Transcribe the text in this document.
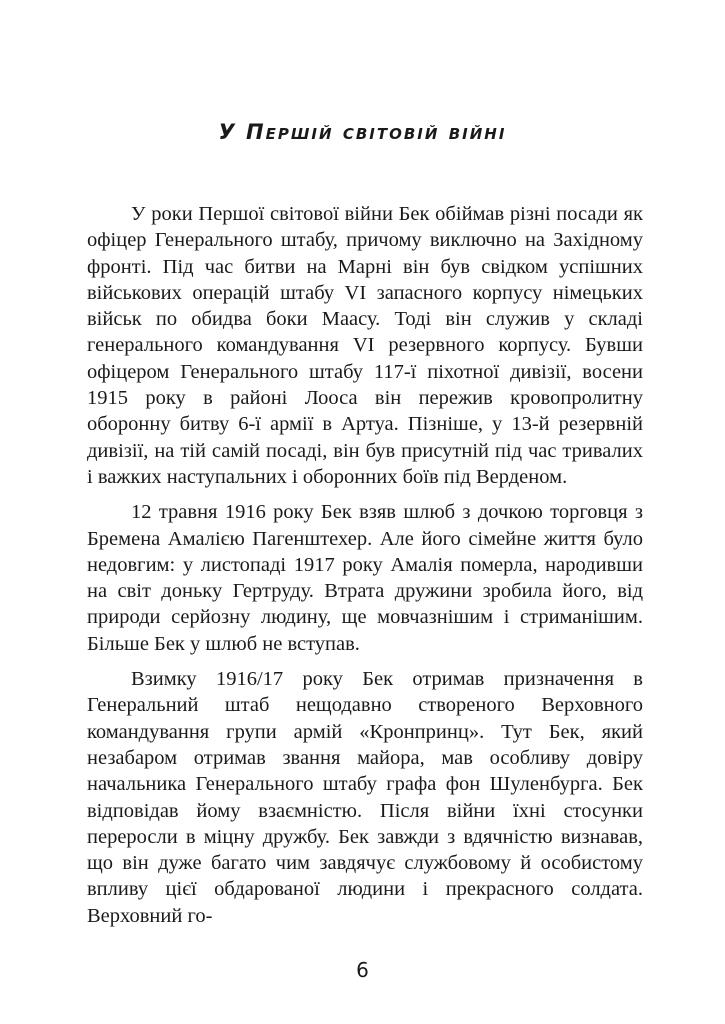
У Першій світовій війні

У роки Першої світової війни Бек обіймав різні посади як офіцер Генерального штабу, причому виключно на Західному фронті. Під час битви на Марні він був свідком успішних військових операцій штабу VI запасного корпусу німецьких військ по обидва боки Маасу. Тоді він служив у складі генерального командування VI резервного корпусу. Бувши офіцером Генерального штабу 117-ї піхотної дивізії, восени 1915 року в районі Лооса він пережив кровопролитну оборонну битву 6-ї армії в Артуа. Пізніше, у 13-й резервній дивізії, на тій самій посаді, він був присутній під час тривалих і важких наступальних і оборонних боїв під Верденом.

12 травня 1916 року Бек взяв шлюб з дочкою торговця з Бремена Амалією Пагенштехер. Але його сімейне життя було недовгим: у листопаді 1917 року Амалія померла, народивши на світ доньку Гертруду. Втрата дружини зробила його, від природи серйозну людину, ще мовчазнішим і стриманішим. Більше Бек у шлюб не вступав.

Взимку 1916/17 року Бек отримав призначення в Генеральний штаб нещодавно створеного Верховного командування групи армій «Кронпринц». Тут Бек, який незабаром отримав звання майора, мав особливу довіру начальника Генерального штабу графа фон Шуленбурга. Бек відповідав йому взаємністю. Після війни їхні стосунки переросли в міцну дружбу. Бек завжди з вдячністю визнавав, що він дуже багато чим завдячує службовому й особистому впливу цієї обдарованої людини і прекрасного солдата. Верховний го-

6
